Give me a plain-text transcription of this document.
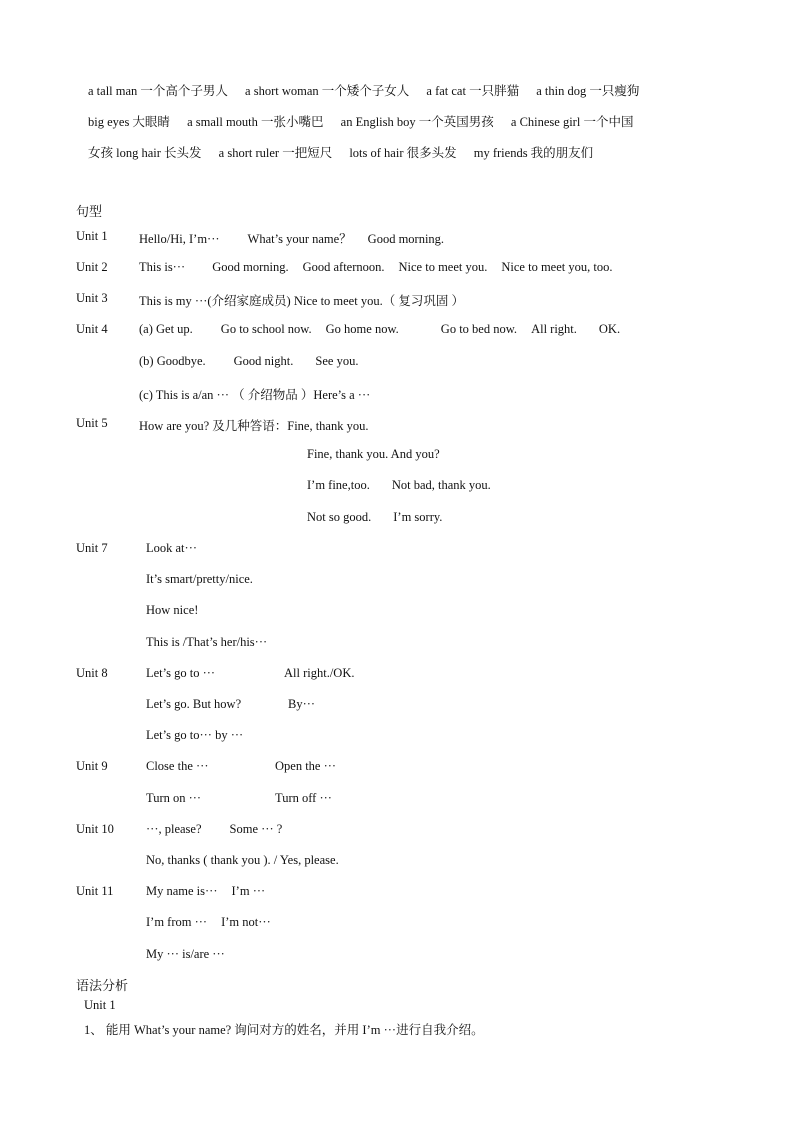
a tall man 一个高个子男人 a short woman 一个矮个子女人 a fat cat 一只胖猫 a thin dog 一只瘦狗
big eyes 大眼睛 a small mouth 一张小嘴巴 an English boy 一个英国男孩 a Chinese girl 一个中国
女孩 long hair 长头发 a short ruler 一把短尺 lots of hair 很多头发 my friends 我的朋友们
句型
Unit 1	Hello/Hi, I’m··· What’s your name？ Good morning.
Unit 2	This is··· Good morning. Good afternoon. Nice to meet you. Nice to meet you, too.
Unit 3	This is my ···(介绍家庭成员) Nice to meet you.（ 复习巩固 ）
Unit 4	(a) Get up. Go to school now. Go home now.	Go to bed now. All right. OK.
(b) Goodbye. Good night. See you.
(c) This is a/an ··· （ 介绍物品 ）Here’s a ···
Unit 5	How are you? 及几种答语：Fine, thank you.
Fine, thank you. And you?
I’m fine,too. Not bad, thank you.
Not so good. I’m sorry.
Unit 7	Look at···
It’s smart/pretty/nice.
How nice!
This is /That’s her/his···
Unit 8	Let’s go to ···	All right./OK.
Let’s go. But how?	By···
Let’s go to··· by ···
Unit 9	Close the ···	Open the ···
Turn on ···	Turn off ···
Unit 10	···, please? Some ··· ?
No, thanks ( thank you ). / Yes, please.
Unit 11	My name is··· I’m ···
I’m from ··· I’m not···
My ··· is/are ···
语法分析
Unit 1
1、 能用 What’s your name? 询问对方的姓名，并用 I’m ···进行自我介绍。
